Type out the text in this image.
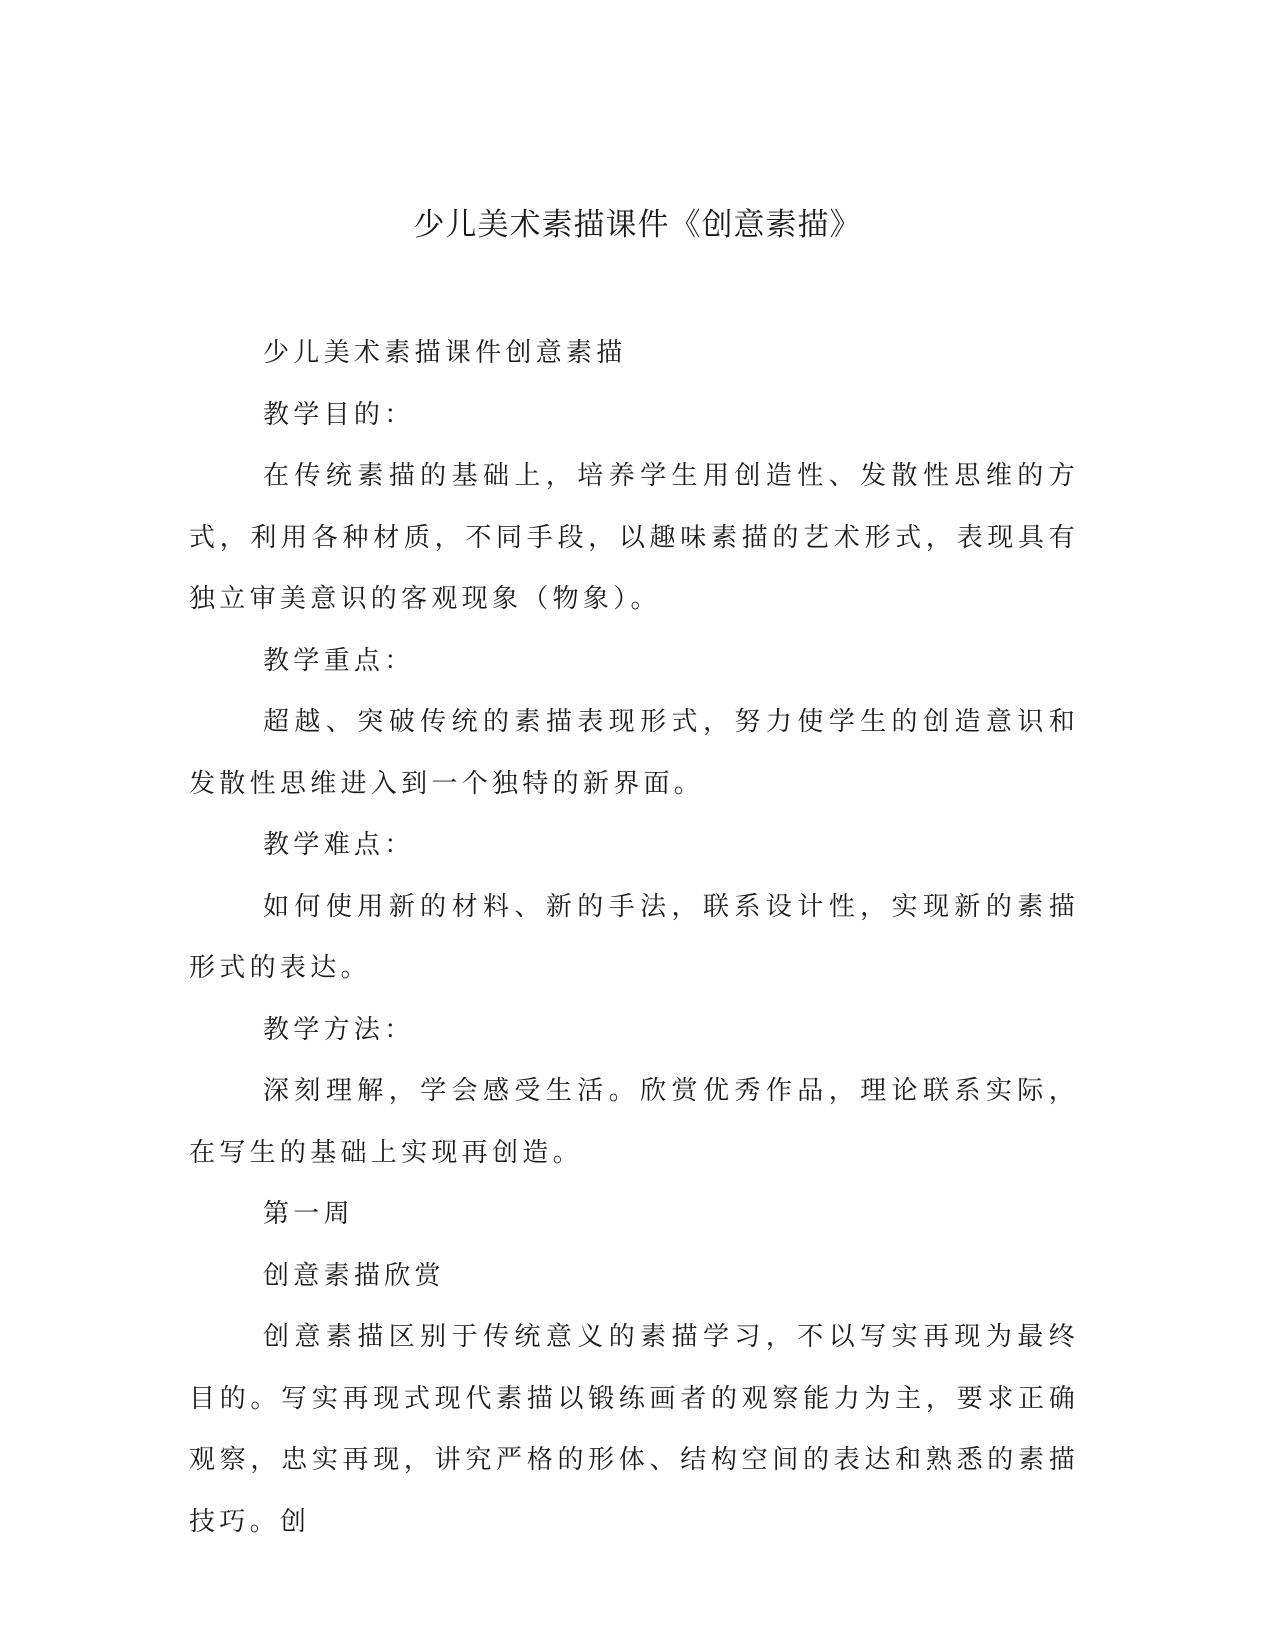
少儿美术素描课件《创意素描》

少儿美术素描课件创意素描

教学目的：

在传统素描的基础上，培养学生用创造性、发散性思维的方式，利用各种材质，不同手段，以趣味素描的艺术形式，表现具有独立审美意识的客观现象（物象）。

教学重点：

超越、突破传统的素描表现形式，努力使学生的创造意识和发散性思维进入到一个独特的新界面。

教学难点：

如何使用新的材料、新的手法，联系设计性，实现新的素描形式的表达。

教学方法：

深刻理解，学会感受生活。欣赏优秀作品，理论联系实际，在写生的基础上实现再创造。

第一周

创意素描欣赏

创意素描区别于传统意义的素描学习，不以写实再现为最终目的。写实再现式现代素描以锻练画者的观察能力为主，要求正确观察，忠实再现，讲究严格的形体、结构空间的表达和熟悉的素描技巧。创
